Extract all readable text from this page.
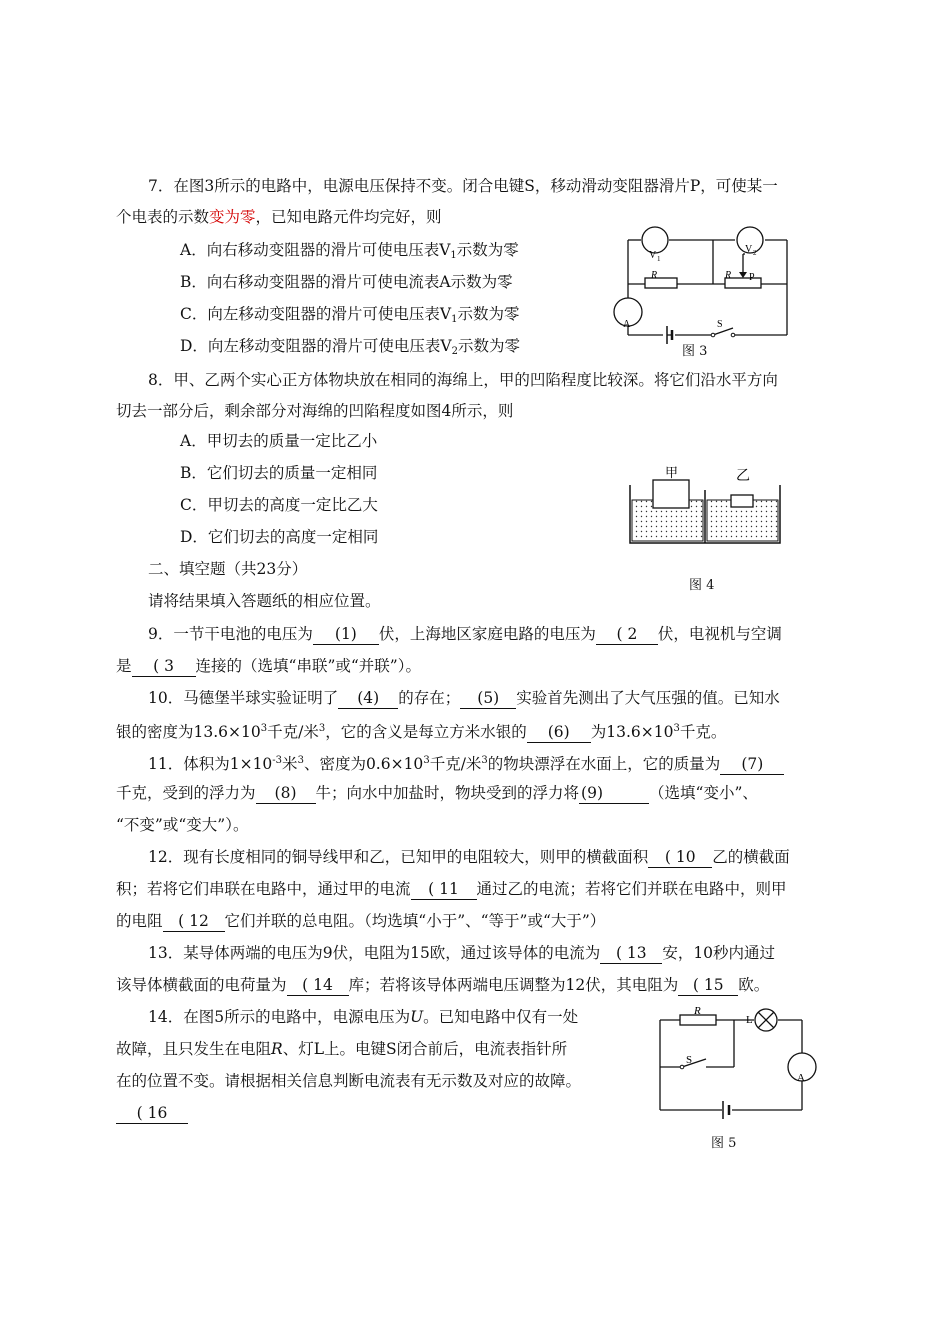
7．在图3所示的电路中，电源电压保持不变。闭合电键S，移动滑动变阻器滑片P，可使某一
个电表的示数变为零，已知电路元件均完好，则
A．向右移动变阻器的滑片可使电压表$V_1$示数为零
B．向右移动变阻器的滑片可使电流表A示数为零
C．向左移动变阻器的滑片可使电压表$V_1$示数为零
D．向左移动变阻器的滑片可使电压表$V_2$示数为零
V 1
V 2
R	R P
A	S
图 3
8．甲、乙两个实心正方体物块放在相同的海绵上，甲的凹陷程度比较深。将它们沿水平方向
切去一部分后，剩余部分对海绵的凹陷程度如图4所示，则
A．甲切去的质量一定比乙小
B．它们切去的质量一定相同
C．甲切去的高度一定比乙大
D．它们切去的高度一定相同
甲	乙
图 4
二、填空题（共23分）
请将结果填入答题纸的相应位置。
9．一节干电池的电压为 (1) 伏，上海地区家庭电路的电压为 ( 2 伏，电视机与空调
是 ( 3 连接的（选填“串联”或“并联”）。
10．马德堡半球实验证明了 (4) 的存在； (5) 实验首先测出了大气压强的值。已知水
银的密度为$13.6\times 10^3$千克/米$^3$，它的含义是每立方米水银的 (6) 为$13.6\times 10^3$千克。
11．体积为$1\times 10^{-3}$米$^3$、密度为$0.6\times 10^3$千克/米$^3$的物块漂浮在水面上，它的质量为 (7)
千克，受到的浮力为 (8) 牛；向水中加盐时，物块受到的浮力将 (9)	（选填“变小”、
“不变”或“变大”）。
12．现有长度相同的铜导线甲和乙，已知甲的电阻较大，则甲的横截面积 ( 10 乙的横截面
积；若将它们串联在电路中，通过甲的电流 ( 11 通过乙的电流；若将它们并联在电路中，则甲
的电阻 ( 12 它们并联的总电阻。（均选填“小于”、“等于”或“大于”）
13．某导体两端的电压为9伏，电阻为15欧，通过该导体的电流为 ( 13 安，10秒内通过
该导体横截面的电荷量为 ( 14 库；若将该导体两端电压调整为12伏，其电阻为 ( 15 欧。
14．在图5所示的电路中，电源电压为U。已知电路中仅有一处
故障，且只发生在电阻R、灯L上。电键S闭合前后，电流表指针所
在的位置不变。请根据相关信息判断电流表有无示数及对应的故障。
( 16
R
L
S
A
图 5
